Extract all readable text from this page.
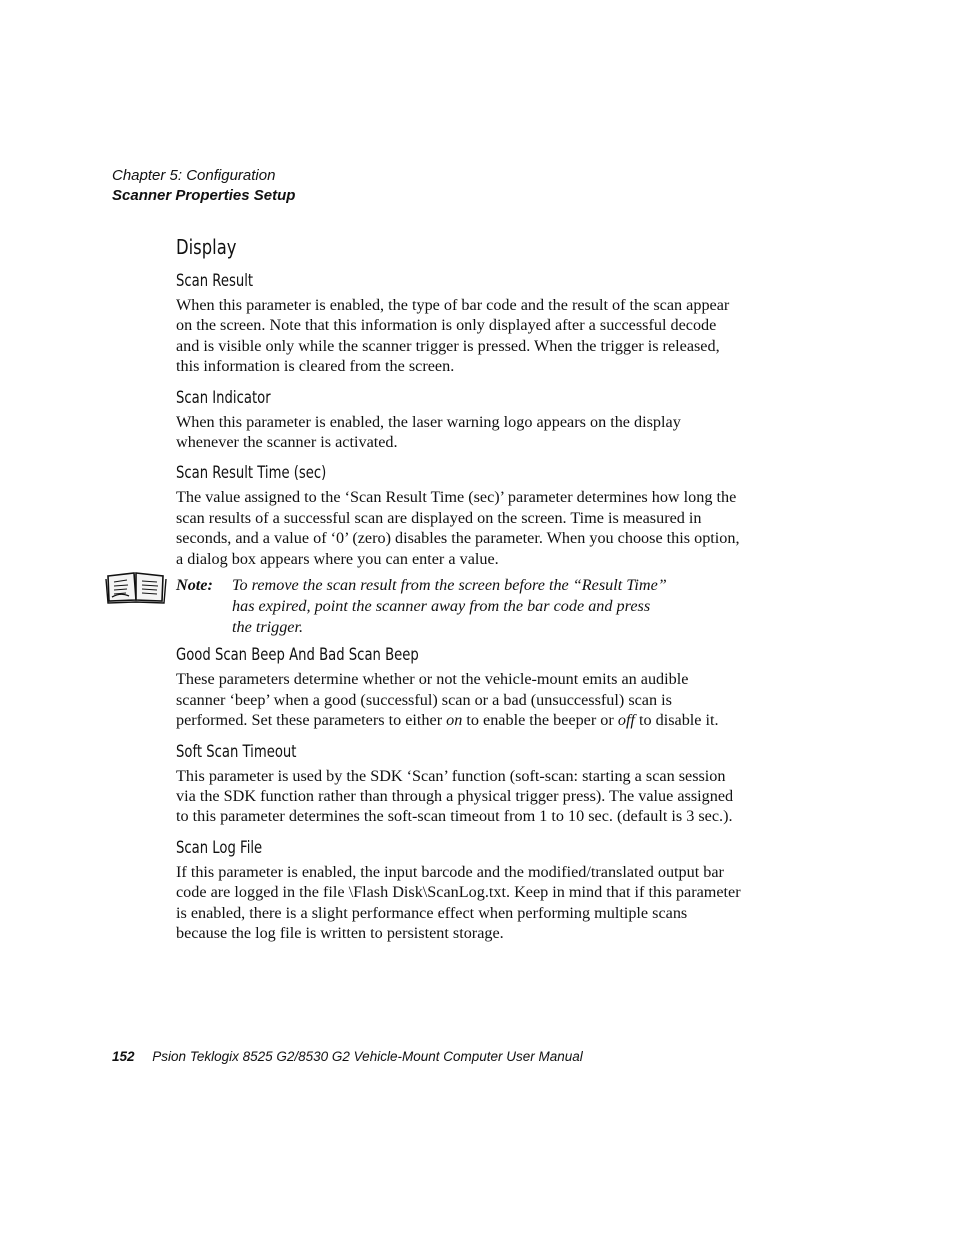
Chapter 5: Configuration
Scanner Properties Setup
Display
Scan Result

When this parameter is enabled, the type of bar code and the result of the scan appear on the screen. Note that this information is only displayed after a successful decode and is visible only while the scanner trigger is pressed. When the trigger is released, this information is cleared from the screen.

Scan Indicator

When this parameter is enabled, the laser warning logo appears on the display whenever the scanner is activated.

Scan Result Time (sec)

The value assigned to the ‘Scan Result Time (sec)’ parameter determines how long the scan results of a successful scan are displayed on the screen. Time is measured in seconds, and a value of ‘0’ (zero) disables the parameter. When you choose this option, a dialog box appears where you can enter a value.

Note: To remove the scan result from the screen before the “Result Time”
has expired, point the scanner away from the bar code and press
the trigger.
Good Scan Beep And Bad Scan Beep

These parameters determine whether or not the vehicle-mount emits an audible scanner ‘beep’ when a good (successful) scan or a bad (unsuccessful) scan is performed. Set these parameters to either on to enable the beeper or off to disable it.

Soft Scan Timeout

This parameter is used by the SDK ‘Scan’ function (soft-scan: starting a scan session via the SDK function rather than through a physical trigger press). The value assigned to this parameter determines the soft-scan timeout from 1 to 10 sec. (default is 3 sec.).

Scan Log File

If this parameter is enabled, the input barcode and the modified/translated output bar code are logged in the file \Flash Disk\ScanLog.txt. Keep in mind that if this parameter is enabled, there is a slight performance effect when performing multiple scans because the log file is written to persistent storage.

152 Psion Teklogix 8525 G2/8530 G2 Vehicle-Mount Computer User Manual
